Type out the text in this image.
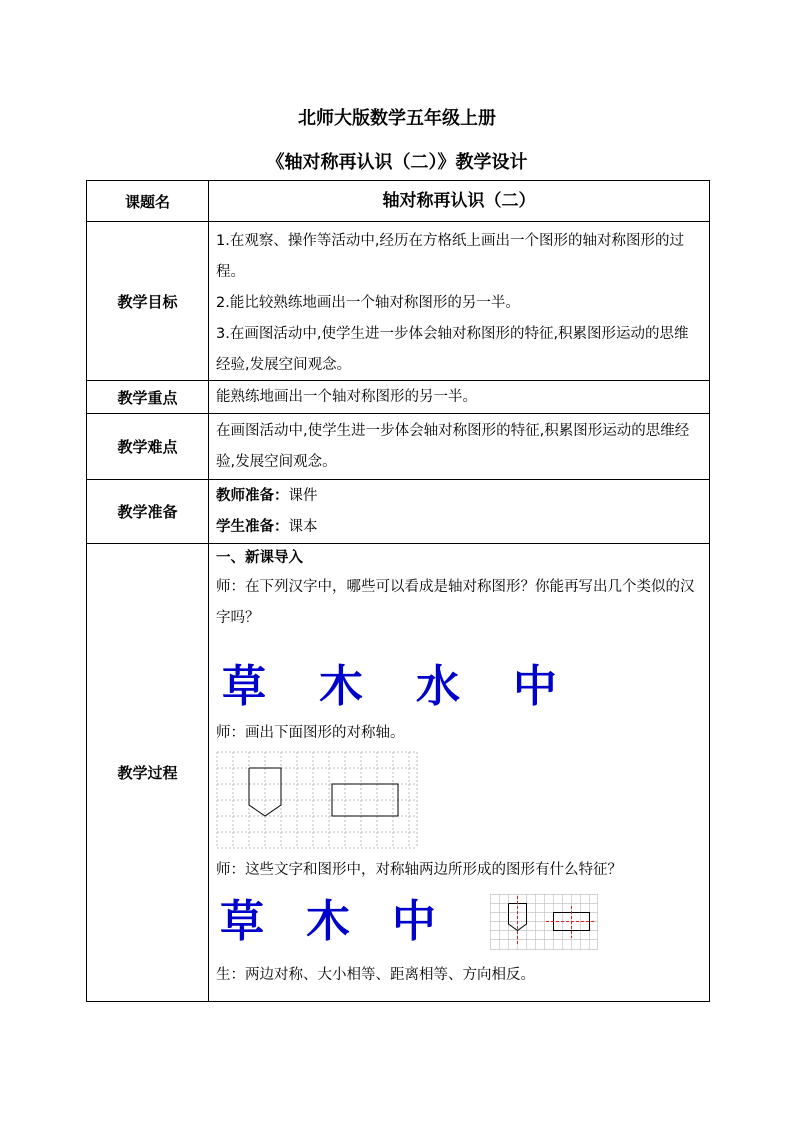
北师大版数学五年级上册
《轴对称再认识（二）》教学设计
课题名	轴对称再认识（二）
教学目标

1.在观察、操作等活动中,经历在方格纸上画出一个图形的轴对称图形的过程。

2.能比较熟练地画出一个轴对称图形的另一半。

3.在画图活动中,使学生进一步体会轴对称图形的特征,积累图形运动的思维经验,发展空间观念。

教学重点	能熟练地画出一个轴对称图形的另一半。
教学难点
在画图活动中,使学生进一步体会轴对称图形的特征,积累图形运动的思维经验,发展空间观念。
教学准备

教师准备：课件

学生准备：课本

教学过程

一、新课导入

师：在下列汉字中，哪些可以看成是轴对称图形？你能再写出几个类似的汉字吗？

草 木 水 中

师：画出下面图形的对称轴。

师：这些文字和图形中，对称轴两边所形成的图形有什么特征？

草 木 中

生：两边对称、大小相等、距离相等、方向相反。
